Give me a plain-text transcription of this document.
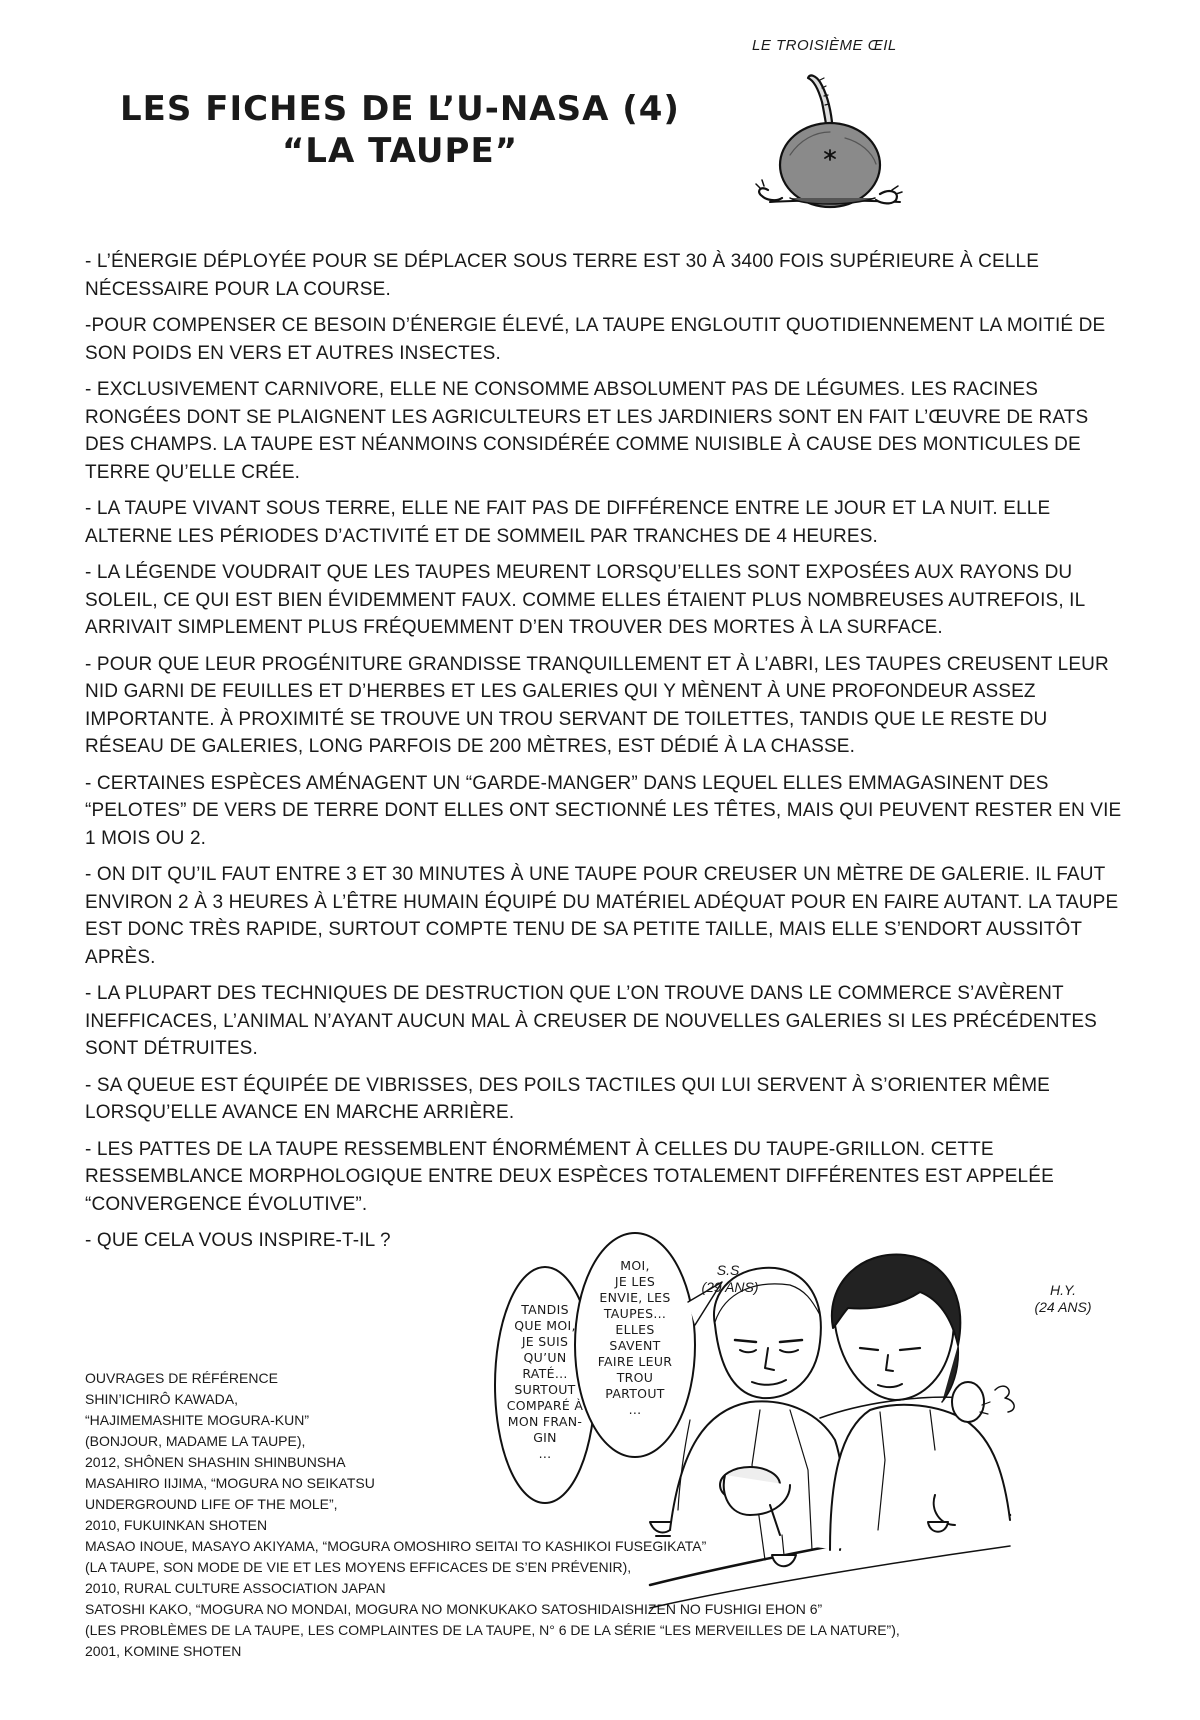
LES FICHES DE L’U-NASA (4)
“LA TAUPE”
LE TROISIÈME ŒIL

- L’ÉNERGIE DÉPLOYÉE POUR SE DÉPLACER SOUS TERRE EST 30 À 3400 FOIS SUPÉRIEURE À CELLE NÉCESSAIRE POUR LA COURSE.

-POUR COMPENSER CE BESOIN D’ÉNERGIE ÉLEVÉ, LA TAUPE ENGLOUTIT QUOTIDIENNEMENT LA MOITIÉ DE SON POIDS EN VERS ET AUTRES INSECTES.

- EXCLUSIVEMENT CARNIVORE, ELLE NE CONSOMME ABSOLUMENT PAS DE LÉGUMES. LES RACINES RONGÉES DONT SE PLAIGNENT LES AGRICULTEURS ET LES JARDINIERS SONT EN FAIT L’ŒUVRE DE RATS DES CHAMPS. LA TAUPE EST NÉANMOINS CONSIDÉRÉE COMME NUISIBLE À CAUSE DES MONTICULES DE TERRE QU’ELLE CRÉE.

- LA TAUPE VIVANT SOUS TERRE, ELLE NE FAIT PAS DE DIFFÉRENCE ENTRE LE JOUR ET LA NUIT. ELLE ALTERNE LES PÉRIODES D’ACTIVITÉ ET DE SOMMEIL PAR TRANCHES DE 4 HEURES.

- LA LÉGENDE VOUDRAIT QUE LES TAUPES MEURENT LORSQU’ELLES SONT EXPOSÉES AUX RAYONS DU SOLEIL, CE QUI EST BIEN ÉVIDEMMENT FAUX. COMME ELLES ÉTAIENT PLUS NOMBREUSES AUTREFOIS, IL ARRIVAIT SIMPLEMENT PLUS FRÉQUEMMENT D’EN TROUVER DES MORTES À LA SURFACE.

- POUR QUE LEUR PROGÉNITURE GRANDISSE TRANQUILLEMENT ET À L’ABRI, LES TAUPES CREUSENT LEUR NID GARNI DE FEUILLES ET D’HERBES ET LES GALERIES QUI Y MÈNENT À UNE PROFONDEUR ASSEZ IMPORTANTE. À PROXIMITÉ SE TROUVE UN TROU SERVANT DE TOILETTES, TANDIS QUE LE RESTE DU RÉSEAU DE GALERIES, LONG PARFOIS DE 200 MÈTRES, EST DÉDIÉ À LA CHASSE.

- CERTAINES ESPÈCES AMÉNAGENT UN “GARDE-MANGER” DANS LEQUEL ELLES EMMAGASINENT DES “PELOTES” DE VERS DE TERRE DONT ELLES ONT SECTIONNÉ LES TÊTES, MAIS QUI PEUVENT RESTER EN VIE 1 MOIS OU 2.

- ON DIT QU’IL FAUT ENTRE 3 ET 30 MINUTES À UNE TAUPE POUR CREUSER UN MÈTRE DE GALERIE. IL FAUT ENVIRON 2 À 3 HEURES À L’ÊTRE HUMAIN ÉQUIPÉ DU MATÉRIEL ADÉQUAT POUR EN FAIRE AUTANT. LA TAUPE EST DONC TRÈS RAPIDE, SURTOUT COMPTE TENU DE SA PETITE TAILLE, MAIS ELLE S’ENDORT AUSSITÔT APRÈS.

- LA PLUPART DES TECHNIQUES DE DESTRUCTION QUE L’ON TROUVE DANS LE COMMERCE S’AVÈRENT INEFFICACES, L’ANIMAL N’AYANT AUCUN MAL À CREUSER DE NOUVELLES GALERIES SI LES PRÉCÉDENTES SONT DÉTRUITES.

- SA QUEUE EST ÉQUIPÉE DE VIBRISSES, DES POILS TACTILES QUI LUI SERVENT À S’ORIENTER MÊME LORSQU’ELLE AVANCE EN MARCHE ARRIÈRE.

- LES PATTES DE LA TAUPE RESSEMBLENT ÉNORMÉMENT À CELLES DU TAUPE-GRILLON. CETTE RESSEMBLANCE MORPHOLOGIQUE ENTRE DEUX ESPÈCES TOTALEMENT DIFFÉRENTES EST APPELÉE “CONVERGENCE ÉVOLUTIVE”.

- QUE CELA VOUS INSPIRE-T-IL ?

OUVRAGES DE RÉFÉRENCE
SHIN’ICHIRÔ KAWADA,
“HAJIMEMASHITE MOGURA-KUN”
(BONJOUR, MADAME LA TAUPE),
2012, SHÔNEN SHASHIN SHINBUNSHA
MASAHIRO IIJIMA, “MOGURA NO SEIKATSU
UNDERGROUND LIFE OF THE MOLE”,
2010, FUKUINKAN SHOTEN
MASAO INOUE, MASAYO AKIYAMA, “MOGURA OMOSHIRO SEITAI TO KASHIKOI FUSEGIKATA”
(LA TAUPE, SON MODE DE VIE ET LES MOYENS EFFICACES DE S’EN PRÉVENIR),
2010, RURAL CULTURE ASSOCIATION JAPAN
SATOSHI KAKO, “MOGURA NO MONDAI, MOGURA NO MONKUKAKO SATOSHIDAISHIZEN NO FUSHIGI EHON 6”
(LES PROBLÈMES DE LA TAUPE, LES COMPLAINTES DE LA TAUPE, N° 6 DE LA SÉRIE “LES MERVEILLES DE LA NATURE”),
2001, KOMINE SHOTEN
TANDIS
QUE MOI,
JE SUIS
QU’UN
RATÉ...
SURTOUT
COMPARÉ À
MON FRAN-
GIN
...
MOI,
JE LES
ENVIE, LES
TAUPES...
ELLES
SAVENT
FAIRE LEUR
TROU
PARTOUT
...
S.S.
(29 ANS)	H.Y.
(24 ANS)
